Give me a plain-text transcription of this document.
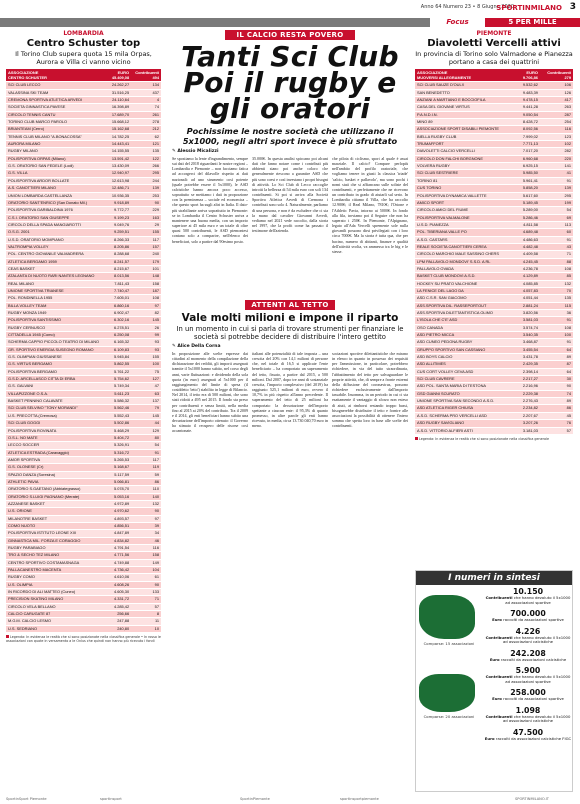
Anno 64 Numero 23 • 8 Giugno 2020
SPORTINMILANO 3
Focus	5 PER MILLE
LOMBARDIA
Centro Schuster top
Il Torino Club supera quota 15 mila Orpas, Aurora e Villa ci vanno vicino
ASSOCIAZIONE	EURO	Contribuenti
CENTRO SCHUSTER	45.409,08	494
SCI CLUB LECCO	24.262,27	134
VALASSINA SKI TEAM	31.516,25	437
CREMONA SPORTIVA ATLETICA ARVEDI	24.110,64	4
SOCIETA GINNASTICA PAVESE	16.398,89	74
CIRCOLO TENNIS CANTU	17.689,70	261
TORINO CLUB MARCO PAROLO	15.668,12	278
BRIANTEAM (Cerro)	15.162,68	212
TENNIS CLUB MILANO "A.BONACOSSA"	14.782,25	62
AURORA MILANO	14.443,41	121
RUGBY MILANO	14.155,55	135
POLISPORTIVA ORPAS (Milano)	13.591,42	122
G.S. ORATORIO SAN FEDELE (Lodi)	13.430,09	266
G.S. VILLA	12.940,97	295
POLISPORTIVA ARDOR BOLLATE	12.613,98	244
A.S. CANOTTIERI MILANO	12.486,71	139
UNION LOMBARDA CASTELLANZA	10.936,35	253
ORATORIO SANT'ENRICO (San Donato Mil.)	9.918,89	90
POLISPORTIVA GARIBALDINA 1976	9.772,77	229
C.S.I. ORATORIO SAN GIUSEPPE	9.199,23	163
CIRCOLO DELLA SPADA MANGIAROTTI	9.049,76	29
O.S.G. 2001	9.259,51	155
U.S.D. ORATORIO MOMPIANO	8.266,33	117
VALTROMPIA VOLLEY	8.205,86	157
POL. CENTRO GIOVANILE VALMADRERA	8.288,68	240
ATLETICA BERGAMO 1959	8.241,57	179
CEAS BASKET	8.215,67	101
ATALANTA DI NUOTO RARI NANTES LEGNANO	8.013,56	148
REAL MILANO	7.811,43	158
UNIONE SPORTIVA TRIANESE	7.740,47	187
POL. RONDINELLA 1955	7.605,01	108
BILLA VOLLEY TEAM	6.860,16	97
RUGBY MONZA 1949	6.902,47	82
POLISPORTIVA SANTISSIMO	6.302,16	145
RUGBY CERNUSCO	6.278,51	26
CITTADELLA 1945 (Como)	6.250,08	99
SCHERMA CAPPIO PICCOLO TEATRO DI MILANO	6.165,32	93
GR. SPORTIVO ENERGIA SUSEGNO ROMANO	6.109,83	93
G.S. OLIMPIAN GIUSSANESE	5.945,84	155
G.S. VIRTUS BERGAMO	5.862,55	100
POLISPORTIVA BERGAMO	5.761,22	75
G.S.D. ARCELLASCO CITTA DI ERBA	5.754,62	127
G.S. GALVANI	5.749,34	47
VILLAPIZZONE O.S.A.	5.611,23	63
BASKET PENNINO CALAVATE	5.586,32	137
SCI CLUB SELVINO "TONY MORANDI"	5.562,46	79
U.S. PRECOTTA (Cremosa)	5.552,43	145
SCI CLUB GOGGI	5.502,86	44
POLISPORTIVA ROVINATA	5.468,29	129
O.S.L. NO MATE	5.404,72	80
LECCO SOCCER	5.326,91	54
ATLETICA ESTRADA (Caravaggio)	5.316,72	91
AMOR SPORTIVA	5.265,53	117
G.S. OLONESE (Cr)	5.168,67	119
SPAZIO DANZA (Soresina)	5.117,59	59
ATHLETIC PAVIA	5.066,81	86
ORATORIO S.GAETANO (Abbiategrasso)	5.078,70	110
ORATORIO S.LUIGI PAGNANO (Merate)	5.053,16	140
AZZANESE BASKET	4.972,89	132
U.S. ORIONE	4.970,62	90
MILANOTRE BASKET	4.893,57	97
COMO NUOTO	4.856,51	39
POLISPORTIVA ISTITUTO LEONE XIII	4.847,89	34
GINNASTICA MIL. FORZA E CORAGGIO	4.834,82	46
RUGBY PARABIAGO	4.791,54	116
TRO & SECHO TEZ MILANO	4.771,56	158
CENTRO SPORTIVO COSTAMASNAGA	4.749,88	149
PALLACANESTRO MACENTA	4.736,42	104
RUGBY COMO	4.610,06	61
U.S. OLIMPIA	4.608,26	90
IN RICORDO DI ALI MATTEO (Cuneo)	4.605,30	133
PRECISION SKATING MILANO	4.331,72	71
CIRCOLO VELA BELLANO	4.285,42	57
CALCIO CARUGATE 87	256,66	8
M.G.M. CALCIO LESMO	247,88	11
U.S. SEDRIANO	240,80	10
Legenda: In evidenza le realtà che si sono posizionate nella classifica generale • In rosso le associazioni con quote in versamento a le Onlus che quindi non hanno più ricevuto i fondi
IL CALCIO RESTA POVERO
Tanti Sci Club Poi il rugby e gli oratori
Pochissime le nostre società che utilizzano il 5x1000, negli altri sport invece è più sfruttato
✎ Alessio Micalizzi

Se spostiamo la lente d'ingrandimento, sempre sui dati del 2018 riguardanti le nostre regioni – Lombardia e Piemonte – non facciamo fatica ad accorgerci del dilavolle rispetto ai dati nazionali: ad uno strumento così potente (quale potrebbe essere il 5x1000), le ASD calcistiche hanno ancora poco accesso, soprattutto se mettiamo i dati in proporzione con la preminenza – sociale ed economica – che questo sport ha sugli altri in Italia. Il dato-più strabiliante arriva soprattutto in Piemonte: se in Lombardia il Centro Schuster arriva a mantenere una buona media, con un importo superiore ai 45 mila euro e un totale di oltre quasi 500 contribuenti, le ASD piemontesi contano solo a comparire, nell'elenco dei beneficiari, solo a partire dal 90esimo posto.

35.000€. In questa analisi spiccano poi alcuni dati che fanno notare come i contributi più abbienti siano poi anche coloro che generalmente riescono a garantire ASD che più sono coesi e così investano i propri bisogni di attività. Lo Sci Club di Lecco raccoglie introiti la bellezza di 54 mila euro con soli 134 contribuenti. Si poi si arriva alla Società Sportiva Atletica Arvedi di Cremona i contributi sono solo 4. Naturalmente, parliamo di una persona, e non è da escludere che ci sia la mano dal cavalier Giovanni Arvedi, vediamo nel 2021 vede raccolto, dalla storia nel 1997, che la profit come ha passato il testimone dell'azienda.

che pilota di ciclismo, sport al quale è assai marziale. Il calcio? Compare perlopiù nell'ambito del profilo oratoriale, che vogliamo tenere in giusti la classica 'triade' 'calcio, basket e pallavolo', ma sono pochi i nomi stati che si affiancano sulle soliste del contribuenti, e perfettamente che ne ricevono un contributo in grado di aiutarli sul serio. In Lombardia citiamo il Villa, che ha raccolto 12.900€; il Real Milano, 7810€; l'Orione e l'Athletic Pavia, intorno ai 5000€. In fondo alla fila, troviamo poi il Seguire che non ha superato i 250€. In Piemonte, l'Alpignano, legato all'Ada Vercelli spremente sole nulla giovanili possono dirsi privilegiati con i loro circa 7000€. Ma la storia è tutta qua, che per bacino, numero di abitanti, finanze e qualità dell'attività svolta, va ammesso tra le big e le stesse.

ATTENTI AL TETTO
Vale molti milioni e impone il riparto
In un momento in cui si parla di trovare strumenti per finanziare le società si potrebbe decidere di distribuire l'intero gettito
✎ Alice Della Corna

In proposizione alle scelte espresse dai cittadini al momento della compilazione della dichiarazione dei redditi, gli importi assegnati tramite il 5x1000 hanno subito, nel corso degli anni, varie fluttuazioni: e dividendo della sola quota (in euro) assegnati al 5x1000 per il raggiungimento del limite di spesa (il cosiddetto 'tetto') stabilito in legge di Bilancio. Nel 2014, il tetto era di 500 milioni, che sono stati ridotti a 495 nel 2015. Il fondo sta preso per contribuenti e senza limiti, nella media fino al 2015 ai 20% del contributo. Tra il 2009 e il 2014, gli enti beneficiari hanno subito una decurtazione dell'importo ottenuto: il Governo ha stimato il recupero delle risorse così accantonate.

italiani alle potenzialità di tale imposta – una crescita del 20% con 14,1 milioni di persone che, nel totale di 16,5 si applicate l'ente beneficiario – ha comportato un superamento del tetto, fissato, a partire dal 2015, a 500 milioni. Dal 2007, dopo tre anni di sostanziale crescita, l'importo complessivo (del 2019) ha raggiunto 525,1 milioni di euro, ovvero il 10,7% in più rispetto all'anno precedente. Il superamento del tetto di 25 milioni ha comportato la decurtazione dell'importo spettante a ciascun ente: il 95,3% di quanto promesso, in altre parole gli enti hanno ricevuto, in media, circa 13.730.040,70 euro in meno.

sociazioni sportive dilettantistiche che mirano in elenco in quanto in possesso dei requisiti per l'ammissione, in particolare, potrebbero richiedere, in via del tutto straordinaria, l'abbattimento del tetto per salvaguardare le proprie attività, che, di sempre a fronte estremi della diffusione del coronavirus, possono richiedere esclusivamente dall'importo tassabile. Insomma, in un periodo in cui ci sta esattamente il vantaggio di sforzo non esteso di aiuti, ai rimborsi restando troppo bassi, bisognerebbe distribuire il tetto e fornire alle associazioni la possibilità di ottenere l'intero somma che spetta loro in base alle scelte dei contribuenti.

PIEMONTE
Diavoletti Vercelli attivi
In provincia di Torino solo Valmadone e Pianezza portano a casa dei quattrini
ASSOCIAZIONE	EURO	Contribuenti
MUOVERSI ALLEGRAMENTE	9.706,86	279
SCI CLUB SAUZE D'OULX	9.532,62	106
SAN BENEDETTO	9.483,39	126
ANZIANI A MARTIANO E BOCCIOFILA	9.478,15	417
CASA DEL GIOVANE VIRTUS	9.441,28	263
P.A.N.D.I.N.	9.050,54	287
MINO 89	8.428,72	254
ASSOCIAZIONE SPORT DISABILI PIEMONTE	8.092,56	116
BIELLA RUGBY CLUB	7.999,02	123
TRUMAFFORT	7.771,13	102
DIAVOLETTI CALCIO VERCELLI	7.017,20	282
CIRCOLO DON FALCHI BORGNONE	6.960,68	220
VOLVERA RUGBY	6.925,15	141
SCI CLUB SESTRIERE	5.985,50	41
TORINO 81	5.961,41	91
CUS TORINO	5.858,20	139
POLISPORTIVA DYNAMICA VALLETTE	5.617,60	295
AMICO SPORT	5.189,45	199
CIRCOLO AMICI DEL FIUME	5.289,00	54
POLISPORTIVA VALMALONE	5.286,46	69
U.S.D. PIANEZZA	4.811,58	113
POL. TIBERIANA VALLE PO	4.689,48	60
A.S.D. CASTARS	4.486,63	91
REALE SOCIETA CANOTTIERI CEREA	4.482,48	43
CIRCOLO MARCHIO MALE SASSINO CHERS	4.409,58	71
LPM PALLAVOLO MONDOVI' S.S.D. A RL	4.245,45	88
PALLAVOLO OVADA	4.236,78	108
BASKET CLUB MONDOVI A.S.D.	4.129,89	85
HOCKEY SU PRATO VALCHIONE	4.085,85	132
LA FENICE DEL LAGO DA	4.057,83	70
ASD C.S.R. SAN GIACOMO	4.051,44	135
ASS.SPORTIVA DIL. RASSEPORTOUT	2.881,24	115
ASS.SPORTIVA DILETTANTISTICA OLIMO	3.820,56	36
L'ISOLA CHE C'E' ASD	3.581,03	91
OSO CANADA	3.574,74	108
ASD PIETRO MICCA	3.540,35	100
ASD CUNEO PEDONA RUGBY	3.468,87	91
GRUPPO SPORTIVO SAN CASSIANO	3.455,54	64
ASD BOYS CALCIO	3.431,78	89
ASD ALLITIMES	2.429,35	87
CUS CORT VOLLEY CEVA ASD	2.398,14	64
SCI CLUB CAVRERE	2.217,27	30
ASD POL. SANTA MARIA DI TESTONA	2.216,96	90
GSD GIANNI SCURATO	2.229,38	74
UNIONE SPORTIVA SAN SECONDO A.S.D.	2.276,43	89
ASD ATLETICA RIGER CHIUSA	2.234,82	86
A.S.D. SCHERMA PRO VERCELLI ASD	2.207,67	45
ASD RUGBY SAVIGLIANO	3.207,26	76
A.S.D. VITTORIO ALFIERI ASTI	3.181,03	57
Legenda: In evidenza le realtà che si sono posizionate nella classifica generale
I numeri in sintesi
Comparse: 15 associazioni
Comparse: 20 associazioni
10.150
Contribuenti che hanno devoluto il 5x1000 ad associazioni sportive
700.000
Euro raccolti da associazioni sportive
4.226
Contribuenti che hanno devoluto il 5x1000 ad associazioni calcistiche
242.208
Euro raccolti da associazioni calcistiche
5.900
Contribuenti che hanno devoluto il 5x1000 ad associazioni sportive
258.000
Euro raccolti da associazioni sportive
1.098
Contribuenti che hanno devoluto il 5x1000 ad associazioni calcistiche
47.500
Euro raccolti da associazioni calcistiche FIGC
SportinSport Piemonte	sportinsport	SportinPiemonte	sportinsportpiemonte	SPORTINMILANO.IT
